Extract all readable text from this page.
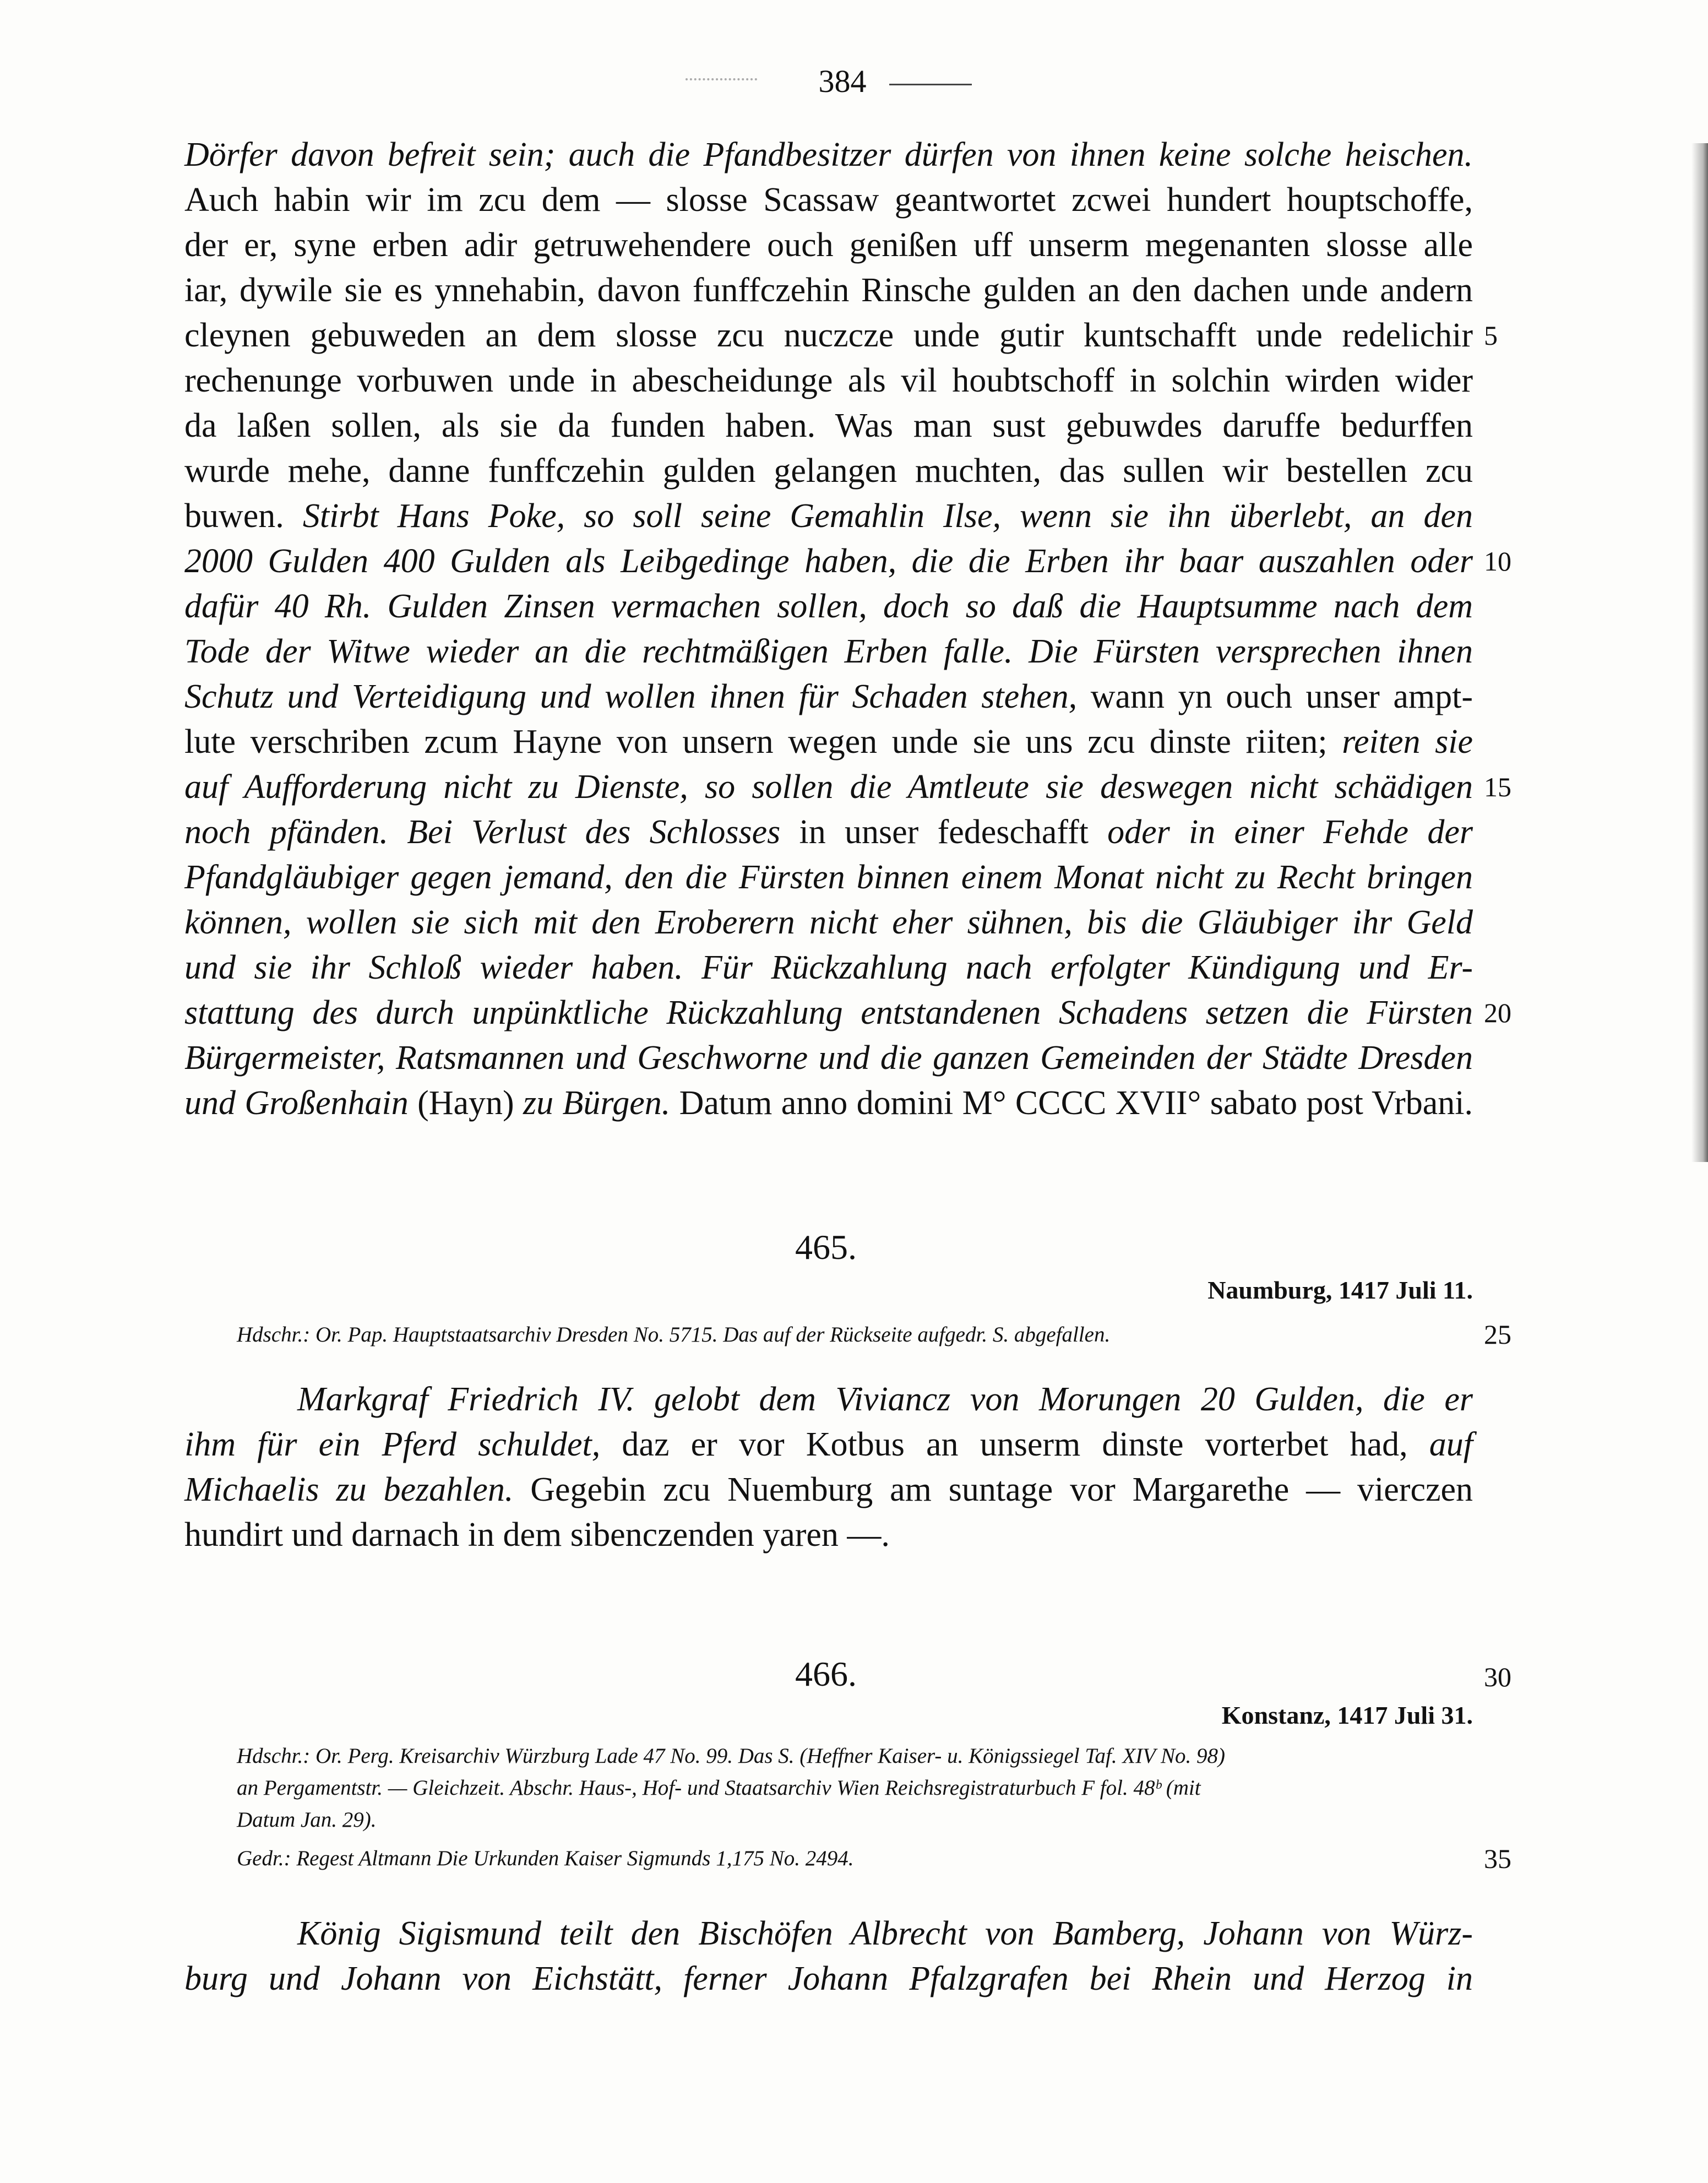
384
Dörfer davon befreit sein; auch die Pfandbesitzer dürfen von ihnen keine solche heischen.
Auch habin wir im zcu dem — slosse Scassaw geantwortet zcwei hundert houptschoffe,
der er, syne erben adir getruwehendere ouch genißen uff unserm megenanten slosse alle
iar, dywile sie es ynnehabin, davon funffczehin Rinsche gulden an den dachen unde andern
cleynen gebuweden an dem slosse zcu nuczcze unde gutir kuntschafft unde redelichir
rechenunge vorbuwen unde in abescheidunge als vil houbtschoff in solchin wirden wider
da laßen sollen, als sie da funden haben. Was man sust gebuwdes daruffe bedurffen
wurde mehe, danne funffczehin gulden gelangen muchten, das sullen wir bestellen zcu
buwen. Stirbt Hans Poke, so soll seine Gemahlin Ilse, wenn sie ihn überlebt, an den
2000 Gulden 400 Gulden als Leibgedinge haben, die die Erben ihr baar auszahlen oder
dafür 40 Rh. Gulden Zinsen vermachen sollen, doch so daß die Hauptsumme nach dem
Tode der Witwe wieder an die rechtmäßigen Erben falle. Die Fürsten versprechen ihnen
Schutz und Verteidigung und wollen ihnen für Schaden stehen, wann yn ouch unser ampt-
lute verschriben zcum Hayne von unsern wegen unde sie uns zcu dinste riiten; reiten sie
auf Aufforderung nicht zu Dienste, so sollen die Amtleute sie deswegen nicht schädigen
noch pfänden. Bei Verlust des Schlosses in unser fedeschafft oder in einer Fehde der
Pfandgläubiger gegen jemand, den die Fürsten binnen einem Monat nicht zu Recht bringen
können, wollen sie sich mit den Eroberern nicht eher sühnen, bis die Gläubiger ihr Geld
und sie ihr Schloß wieder haben. Für Rückzahlung nach erfolgter Kündigung und Er-
stattung des durch unpünktliche Rückzahlung entstandenen Schadens setzen die Fürsten
Bürgermeister, Ratsmannen und Geschworne und die ganzen Gemeinden der Städte Dresden
und Großenhain (Hayn) zu Bürgen. Datum anno domini M° CCCC XVII° sabato post Vrbani.
5
10
15
20
25
30
35
465.
Naumburg, 1417 Juli 11.
Hdschr.: Or. Pap. Hauptstaatsarchiv Dresden No. 5715. Das auf der Rückseite aufgedr. S. abgefallen.
Markgraf Friedrich IV. gelobt dem Viviancz von Morungen 20 Gulden, die er
ihm für ein Pferd schuldet, daz er vor Kotbus an unserm dinste vorterbet had, auf
Michaelis zu bezahlen. Gegebin zcu Nuemburg am suntage vor Margarethe — vierczen
hundirt und darnach in dem sibenczenden yaren —.
466.
Konstanz, 1417 Juli 31.
Hdschr.: Or. Perg. Kreisarchiv Würzburg Lade 47 No. 99. Das S. (Heffner Kaiser- u. Königssiegel Taf. XIV No. 98)
an Pergamentstr. — Gleichzeit. Abschr. Haus-, Hof- und Staatsarchiv Wien Reichsregistraturbuch F fol. 48ᵇ (mit
Datum Jan. 29).
Gedr.: Regest Altmann Die Urkunden Kaiser Sigmunds 1,175 No. 2494.
König Sigismund teilt den Bischöfen Albrecht von Bamberg, Johann von Würz-
burg und Johann von Eichstätt, ferner Johann Pfalzgrafen bei Rhein und Herzog in
